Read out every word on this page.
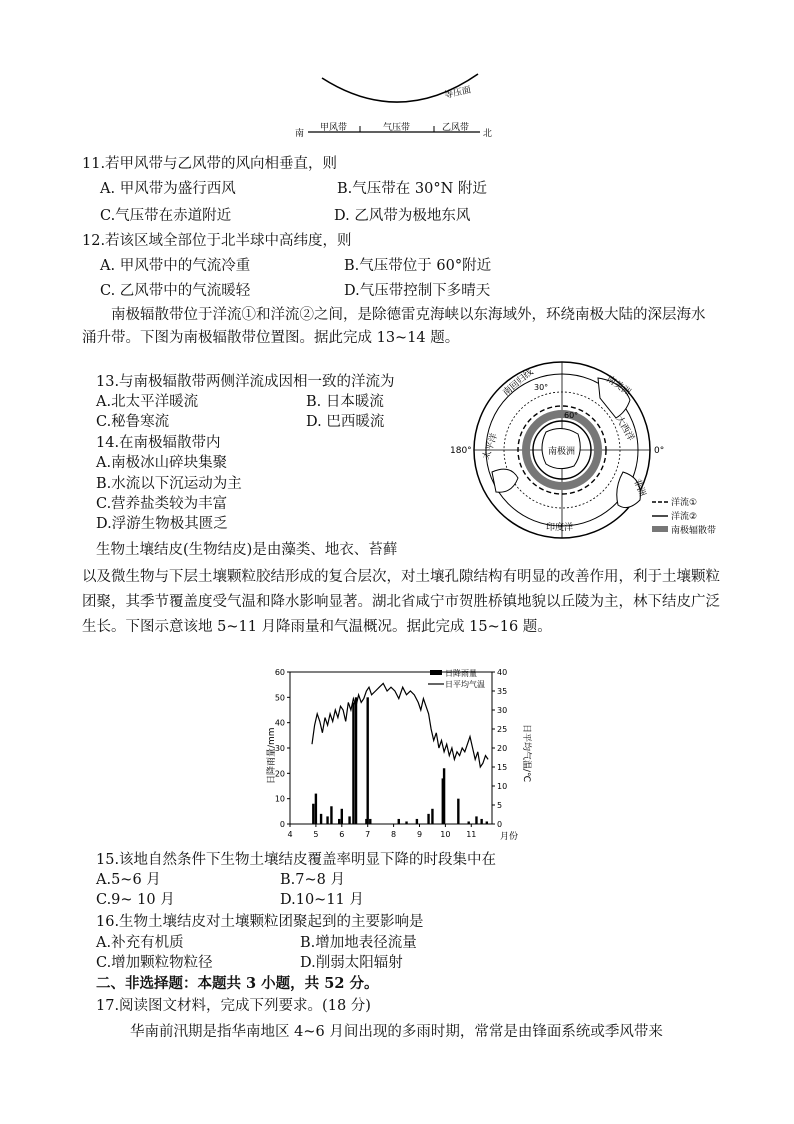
等压面
南
甲风带	气压带	乙风带
北
11.若甲风带与乙风带的风向相垂直，则
A. 甲风带为盛行西风	B.气压带在 30°N 附近
C.气压带在赤道附近	D. 乙风带为极地东风
12.若该区域全部位于北半球中高纬度，则
A. 甲风带中的气流冷重	B.气压带位于 60°附近
C. 乙风带中的气流暖轻	D.气压带控制下多晴天
南极辐散带位于洋流①和洋流②之间，是除德雷克海峡以东海域外，环绕南极大陆的深层海水涌升带。下图为南极辐散带位置图。据此完成 13~14 题。
13.与南极辐散带两侧洋流成因相一致的洋流为
A.北太平洋暖流	B. 日本暖流
C.秘鲁寒流	D. 巴西暖流
14.在南极辐散带内
A.南极冰山碎块集聚
B.水流以下沉运动为主
C.营养盐类较为丰富
D.浮游生物极其匮乏
南极洲
南回归线	南美洲
大西洋
太平洋
非洲
印度洋
30°
60°
180°	0°
洋流①
洋流②
南极辐散带
生物土壤结皮(生物结皮)是由藻类、地衣、苔藓
以及微生物与下层土壤颗粒胶结形成的复合层次，对土壤孔隙结构有明显的改善作用，利于土壤颗粒团聚，其季节覆盖度受气温和降水影响显著。湖北省咸宁市贺胜桥镇地貌以丘陵为主，林下结皮广泛生长。下图示意该地 5~11 月降雨量和气温概况。据此完成 15~16 题。
日降雨量/mm	日平均气温/℃
月份
0
10
20
30
40
50
60
0
5
10
15
20
25
30
35
40
4	5	6	7	8	9 10 11
日降雨量
日平均气温
15.该地自然条件下生物土壤结皮覆盖率明显下降的时段集中在
A.5~6 月	B.7~8 月
C.9~ 10 月	D.10~11 月
16.生物土壤结皮对土壤颗粒团聚起到的主要影响是
A.补充有机质	B.增加地表径流量
C.增加颗粒物粒径	D.削弱太阳辐射
二、非选择题：本题共 3 小题，共 52 分。
17.阅读图文材料，完成下列要求。(18 分)
华南前汛期是指华南地区 4~6 月间出现的多雨时期，常常是由锋面系统或季风带来
